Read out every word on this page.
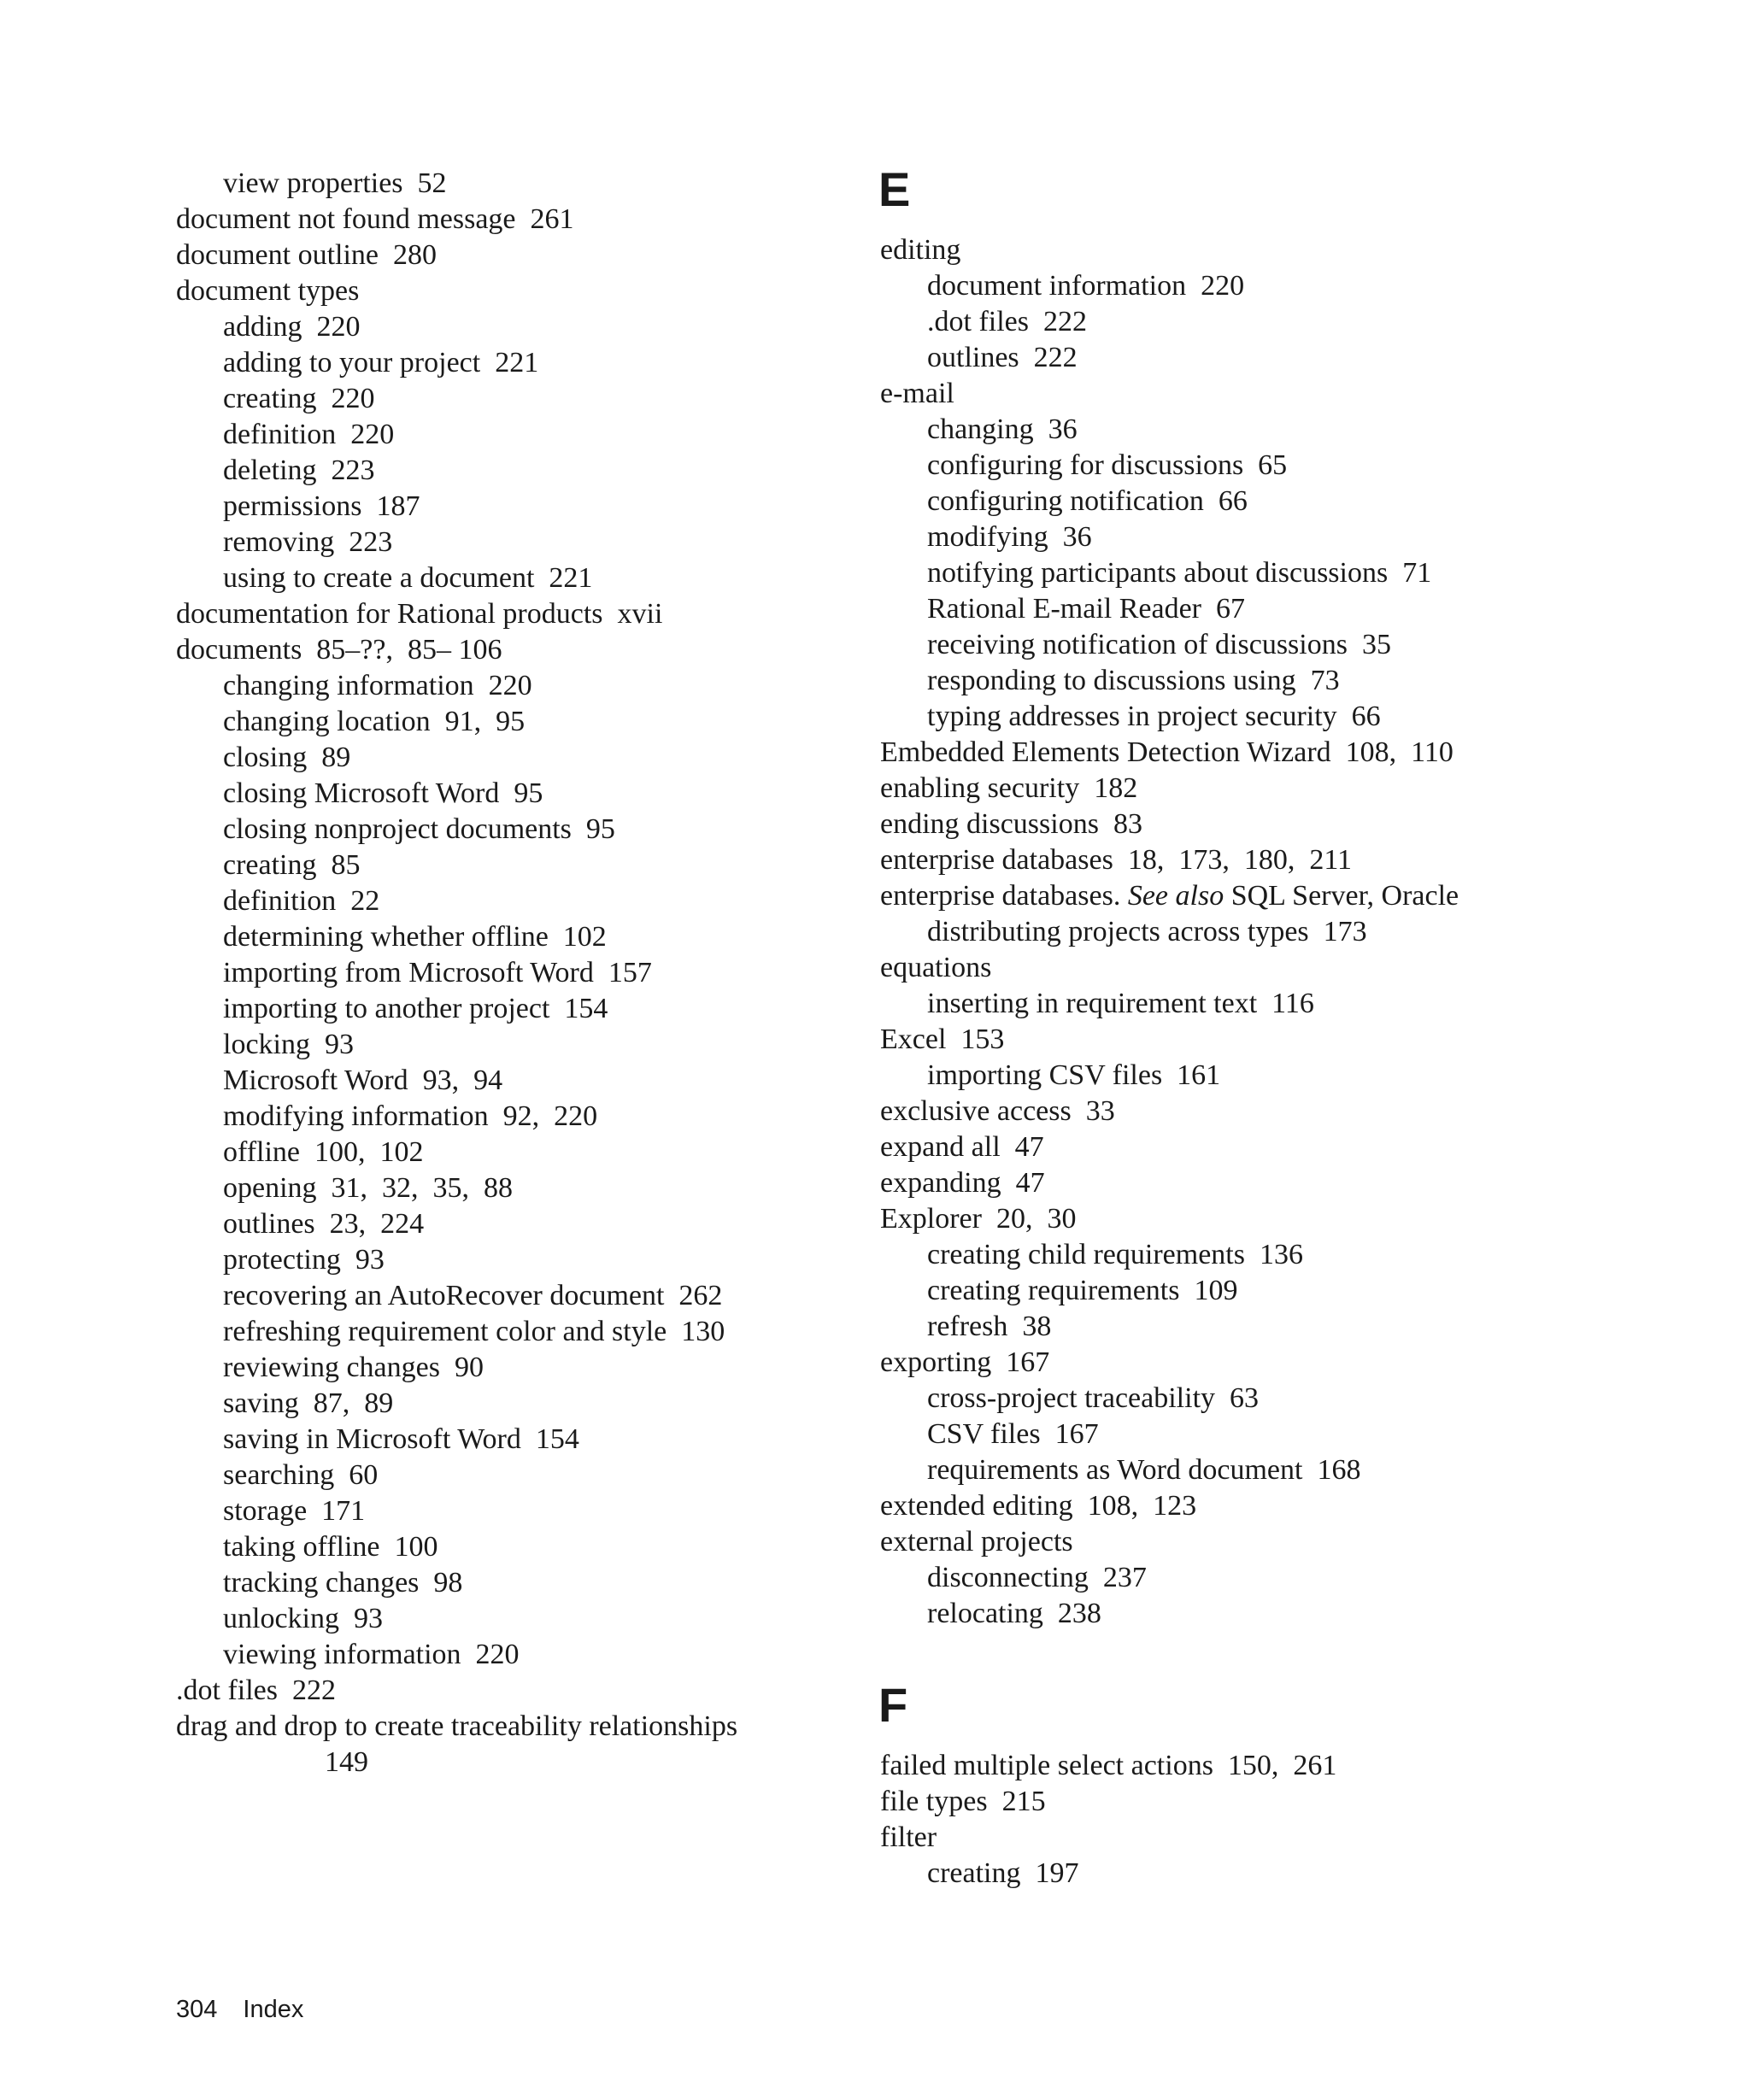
view properties  52
document not found message  261
document outline  280
document types
adding  220
adding to your project  221
creating  220
definition  220
deleting  223
permissions  187
removing  223
using to create a document  221
documentation for Rational products  xvii
documents  85–??,  85– 106
changing information  220
changing location  91,  95
closing  89
closing Microsoft Word  95
closing nonproject documents  95
creating  85
definition  22
determining whether offline  102
importing from Microsoft Word  157
importing to another project  154
locking  93
Microsoft Word  93,  94
modifying information  92,  220
offline  100,  102
opening  31,  32,  35,  88
outlines  23,  224
protecting  93
recovering an AutoRecover document  262
refreshing requirement color and style  130
reviewing changes  90
saving  87,  89
saving in Microsoft Word  154
searching  60
storage  171
taking offline  100
tracking changes  98
unlocking  93
viewing information  220
.dot files  222
drag and drop to create traceability relationships
149
E
editing
document information  220
.dot files  222
outlines  222
e-mail
changing  36
configuring for discussions  65
configuring notification  66
modifying  36
notifying participants about discussions  71
Rational E-mail Reader  67
receiving notification of discussions  35
responding to discussions using  73
typing addresses in project security  66
Embedded Elements Detection Wizard  108,  110
enabling security  182
ending discussions  83
enterprise databases  18,  173,  180,  211
enterprise databases. See also SQL Server, Oracle
distributing projects across types  173
equations
inserting in requirement text  116
Excel  153
importing CSV files  161
exclusive access  33
expand all  47
expanding  47
Explorer  20,  30
creating child requirements  136
creating requirements  109
refresh  38
exporting  167
cross-project traceability  63
CSV files  167
requirements as Word document  168
extended editing  108,  123
external projects
disconnecting  237
relocating  238
F
failed multiple select actions  150,  261
file types  215
filter
creating  197
304 Index
